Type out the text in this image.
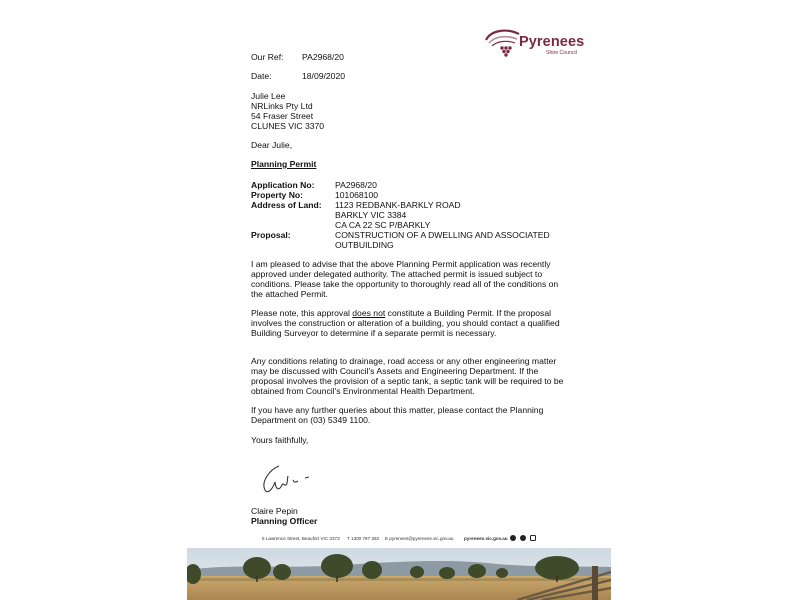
Pyrenees
Shire Council
Our Ref: PA2968/20
Date:	18/09/2020
Julie Lee
NRLinks Pty Ltd
54 Fraser Street
CLUNES VIC 3370
Dear Julie,
Planning Permit
Application No: PA2968/20
Property No:	101068100
Address of Land: 1123 REDBANK-BARKLY ROAD
BARKLY VIC 3384
CA CA 22 SC P/BARKLY
Proposal:	CONSTRUCTION OF A DWELLING AND ASSOCIATED
OUTBUILDING
I am pleased to advise that the above Planning Permit application was recently approved under delegated authority. The attached permit is issued subject to conditions. Please take the opportunity to thoroughly read all of the conditions on the attached Permit.
Please note, this approval does not constitute a Building Permit. If the proposal involves the construction or alteration of a building, you should contact a qualified Building Surveyor to determine if a separate permit is necessary.
Any conditions relating to drainage, road access or any other engineering matter may be discussed with Council's Assets and Engineering Department. If the proposal involves the provision of a septic tank, a septic tank will be required to be obtained from Council's Environmental Health Department.
If you have any further queries about this matter, please contact the Planning Department on (03) 5349 1100.
Yours faithfully,
Claire Pepin
Planning Officer
5 Lawrence Street, Beaufort VIC 3373 T 1300 797 363 E pyrenees@pyrenees.vic.gov.au pyrenees.vic.gov.au
